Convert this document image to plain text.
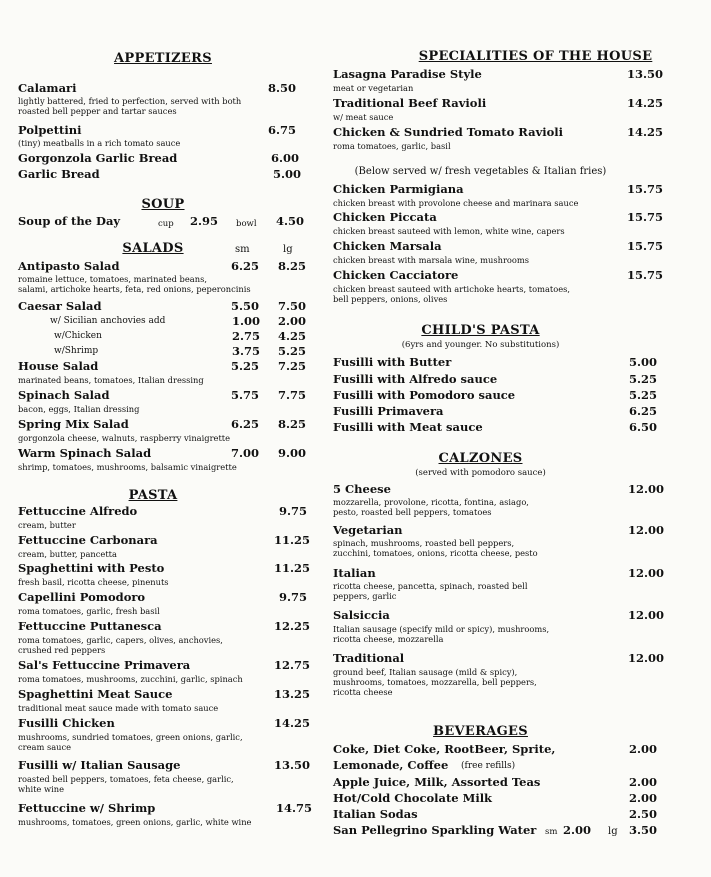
APPETIZERS
Calamari	8.50
lightly battered, fried to perfection, served with both
roasted bell pepper and tartar sauces
Polpettini	6.75
(tiny) meatballs in a rich tomato sauce
Gorgonzola Garlic Bread	6.00
Garlic Bread	5.00
SOUP
Soup of the Day	cup 2.95 bowl 4.50
SALADS	sm	lg
Antipasto Salad	6.25 8.25
romaine lettuce, tomatoes, marinated beans,
salami, artichoke hearts, feta, red onions, peperoncinis
Caesar Salad	5.50 7.50
w/ Sicilian anchovies add	1.00 2.00
w/Chicken	2.75 4.25
w/Shrimp	3.75 5.25
House Salad	5.25 7.25
marinated beans, tomatoes, Italian dressing
Spinach Salad	5.75 7.75
bacon, eggs, Italian dressing
Spring Mix Salad	6.25 8.25
gorgonzola cheese, walnuts, raspberry vinaigrette
Warm Spinach Salad	7.00 9.00
shrimp, tomatoes, mushrooms, balsamic vinaigrette
PASTA
Fettuccine Alfredo	9.75
cream, butter
Fettuccine Carbonara	11.25
cream, butter, pancetta
Spaghettini with Pesto	11.25
fresh basil, ricotta cheese, pinenuts
Capellini Pomodoro	9.75
roma tomatoes, garlic, fresh basil
Fettuccine Puttanesca	12.25
roma tomatoes, garlic, capers, olives, anchovies,
crushed red peppers
Sal's Fettuccine Primavera	12.75
roma tomatoes, mushrooms, zucchini, garlic, spinach
Spaghettini Meat Sauce	13.25
traditional meat sauce made with tomato sauce
Fusilli Chicken	14.25
mushrooms, sundried tomatoes, green onions, garlic,
cream sauce
Fusilli w/ Italian Sausage	13.50
roasted bell peppers, tomatoes, feta cheese, garlic,
white wine
Fettuccine w/ Shrimp	14.75
mushrooms, tomatoes, green onions, garlic, white wine
SPECIALITIES OF THE HOUSE
Lasagna Paradise Style	13.50
meat or vegetarian
Traditional Beef Ravioli	14.25
w/ meat sauce
Chicken & Sundried Tomato Ravioli	14.25
roma tomatoes, garlic, basil
(Below served w/ fresh vegetables & Italian fries)
Chicken Parmigiana	15.75
chicken breast with provolone cheese and marinara sauce
Chicken Piccata	15.75
chicken breast sauteed with lemon, white wine, capers
Chicken Marsala	15.75
chicken breast with marsala wine, mushrooms
Chicken Cacciatore	15.75
chicken breast sauteed with artichoke hearts, tomatoes,
bell peppers, onions, olives
CHILD'S PASTA
(6yrs and younger. No substitutions)
Fusilli with Butter	5.00
Fusilli with Alfredo sauce	5.25
Fusilli with Pomodoro sauce	5.25
Fusilli Primavera	6.25
Fusilli with Meat sauce	6.50
CALZONES
(served with pomodoro sauce)
5 Cheese	12.00
mozzarella, provolone, ricotta, fontina, asiago,
pesto, roasted bell peppers, tomatoes
Vegetarian	12.00
spinach, mushrooms, roasted bell peppers,
zucchini, tomatoes, onions, ricotta cheese, pesto
Italian	12.00
ricotta cheese, pancetta, spinach, roasted bell
peppers, garlic
Salsiccia	12.00
Italian sausage (specify mild or spicy), mushrooms,
ricotta cheese, mozzarella
Traditional	12.00
ground beef, Italian sausage (mild & spicy),
mushrooms, tomatoes, mozzarella, bell peppers,
ricotta cheese
BEVERAGES
Coke, Diet Coke, RootBeer, Sprite,	2.00
Lemonade, Coffee (free refills)
Apple Juice, Milk, Assorted Teas	2.00
Hot/Cold Chocolate Milk	2.00
Italian Sodas	2.50
San Pellegrino Sparkling Water sm 2.00 lg 3.50
